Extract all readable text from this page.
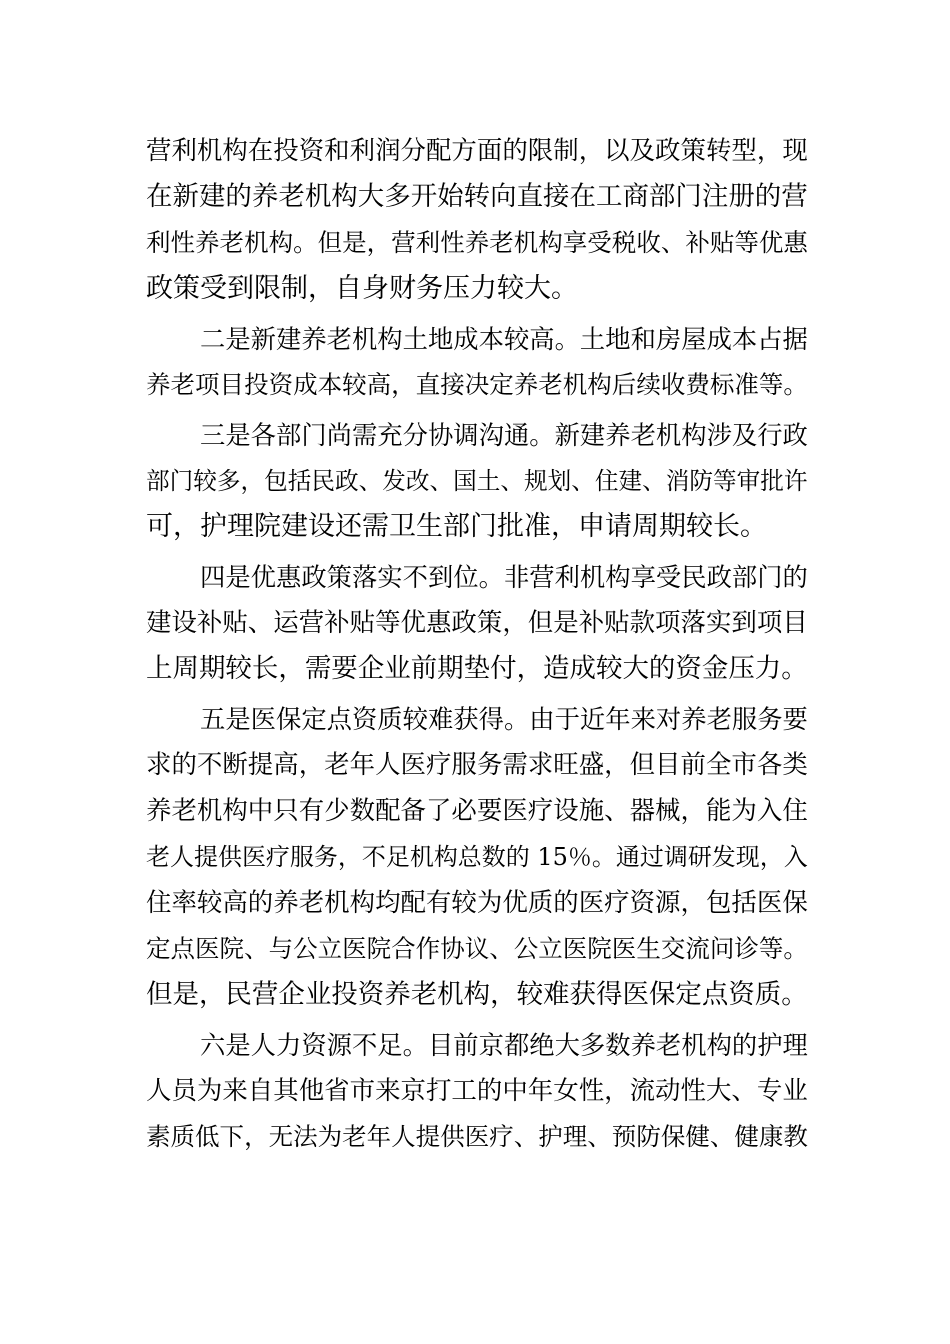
营利机构在投资和利润分配方面的限制，以及政策转型，现
在新建的养老机构大多开始转向直接在工商部门注册的营
利性养老机构。但是，营利性养老机构享受税收、补贴等优惠
政策受到限制，自身财务压力较大。

二是新建养老机构土地成本较高。土地和房屋成本占据
养老项目投资成本较高，直接决定养老机构后续收费标准等。

三是各部门尚需充分协调沟通。新建养老机构涉及行政
部门较多，包括民政、发改、国土、规划、住建、消防等审批许
可，护理院建设还需卫生部门批准，申请周期较长。

四是优惠政策落实不到位。非营利机构享受民政部门的
建设补贴、运营补贴等优惠政策，但是补贴款项落实到项目
上周期较长，需要企业前期垫付，造成较大的资金压力。

五是医保定点资质较难获得。由于近年来对养老服务要
求的不断提高，老年人医疗服务需求旺盛，但目前全市各类
养老机构中只有少数配备了必要医疗设施、器械，能为入住
老人提供医疗服务，不足机构总数的 15％。通过调研发现，入
住率较高的养老机构均配有较为优质的医疗资源，包括医保
定点医院、与公立医院合作协议、公立医院医生交流问诊等。
但是，民营企业投资养老机构，较难获得医保定点资质。

六是人力资源不足。目前京都绝大多数养老机构的护理
人员为来自其他省市来京打工的中年女性，流动性大、专业
素质低下，无法为老年人提供医疗、护理、预防保健、健康教
